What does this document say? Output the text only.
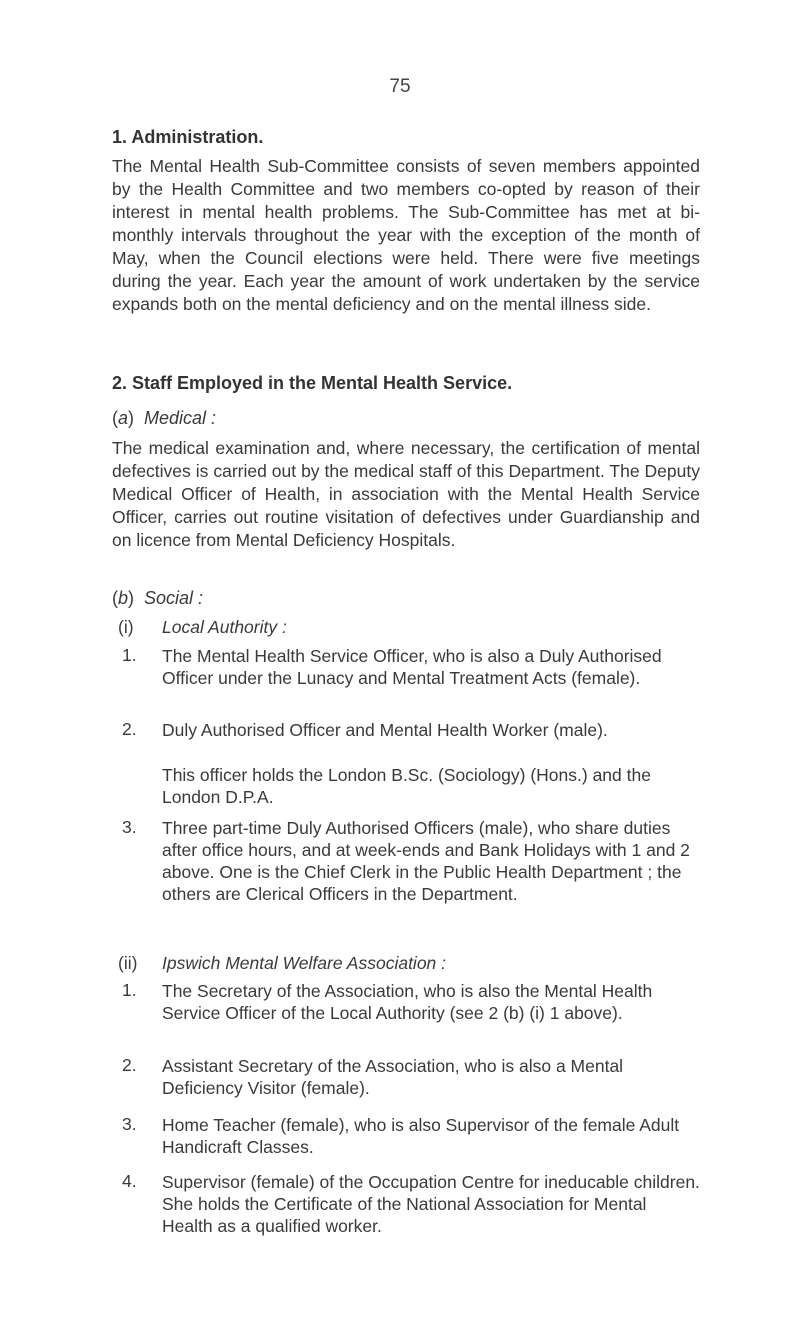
75
1. Administration.

The Mental Health Sub-Committee consists of seven members appointed by the Health Committee and two members co-opted by reason of their interest in mental health problems. The Sub-Committee has met at bi-monthly intervals throughout the year with the exception of the month of May, when the Council elections were held. There were five meetings during the year. Each year the amount of work undertaken by the service expands both on the mental deficiency and on the mental illness side.

2. Staff Employed in the Mental Health Service.
(a) Medical :

The medical examination and, where necessary, the certification of mental defectives is carried out by the medical staff of this Department. The Deputy Medical Officer of Health, in association with the Mental Health Service Officer, carries out routine visitation of defectives under Guardianship and on licence from Mental Deficiency Hospitals.

(b) Social :
(i) Local Authority :
1. The Mental Health Service Officer, who is also a Duly Authorised Officer under the Lunacy and Mental Treatment Acts (female).

2. Duly Authorised Officer and Mental Health Worker (male).

This officer holds the London B.Sc. (Sociology) (Hons.) and the London D.P.A.

3. Three part-time Duly Authorised Officers (male), who share duties after office hours, and at week-ends and Bank Holidays with 1 and 2 above. One is the Chief Clerk in the Public Health Department ; the others are Clerical Officers in the Department.

(ii) Ipswich Mental Welfare Association :
1. The Secretary of the Association, who is also the Mental Health Service Officer of the Local Authority (see 2 (b) (i) 1 above).

2. Assistant Secretary of the Association, who is also a Mental Deficiency Visitor (female).

3. Home Teacher (female), who is also Supervisor of the female Adult Handicraft Classes.

4. Supervisor (female) of the Occupation Centre for ineducable children. She holds the Certificate of the National Association for Mental Health as a qualified worker.
